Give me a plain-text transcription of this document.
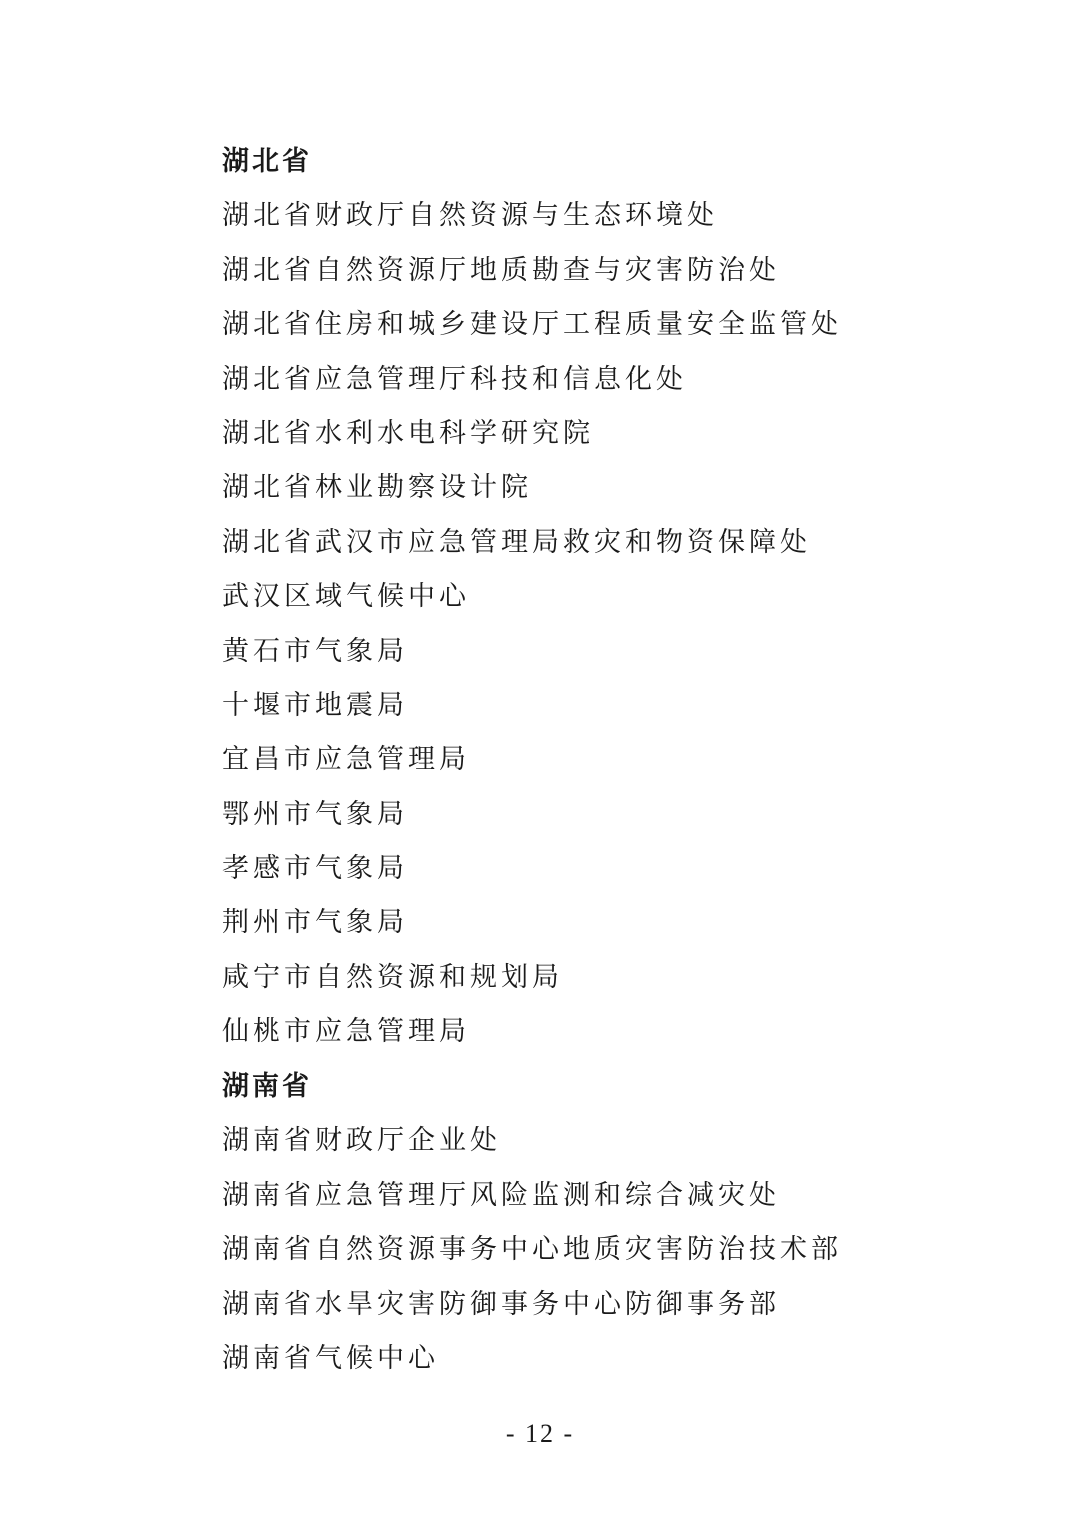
湖北省
湖北省财政厅自然资源与生态环境处
湖北省自然资源厅地质勘查与灾害防治处
湖北省住房和城乡建设厅工程质量安全监管处
湖北省应急管理厅科技和信息化处
湖北省水利水电科学研究院
湖北省林业勘察设计院
湖北省武汉市应急管理局救灾和物资保障处
武汉区域气候中心
黄石市气象局
十堰市地震局
宜昌市应急管理局
鄂州市气象局
孝感市气象局
荆州市气象局
咸宁市自然资源和规划局
仙桃市应急管理局
湖南省
湖南省财政厅企业处
湖南省应急管理厅风险监测和综合减灾处
湖南省自然资源事务中心地质灾害防治技术部
湖南省水旱灾害防御事务中心防御事务部
湖南省气候中心
- 12 -
